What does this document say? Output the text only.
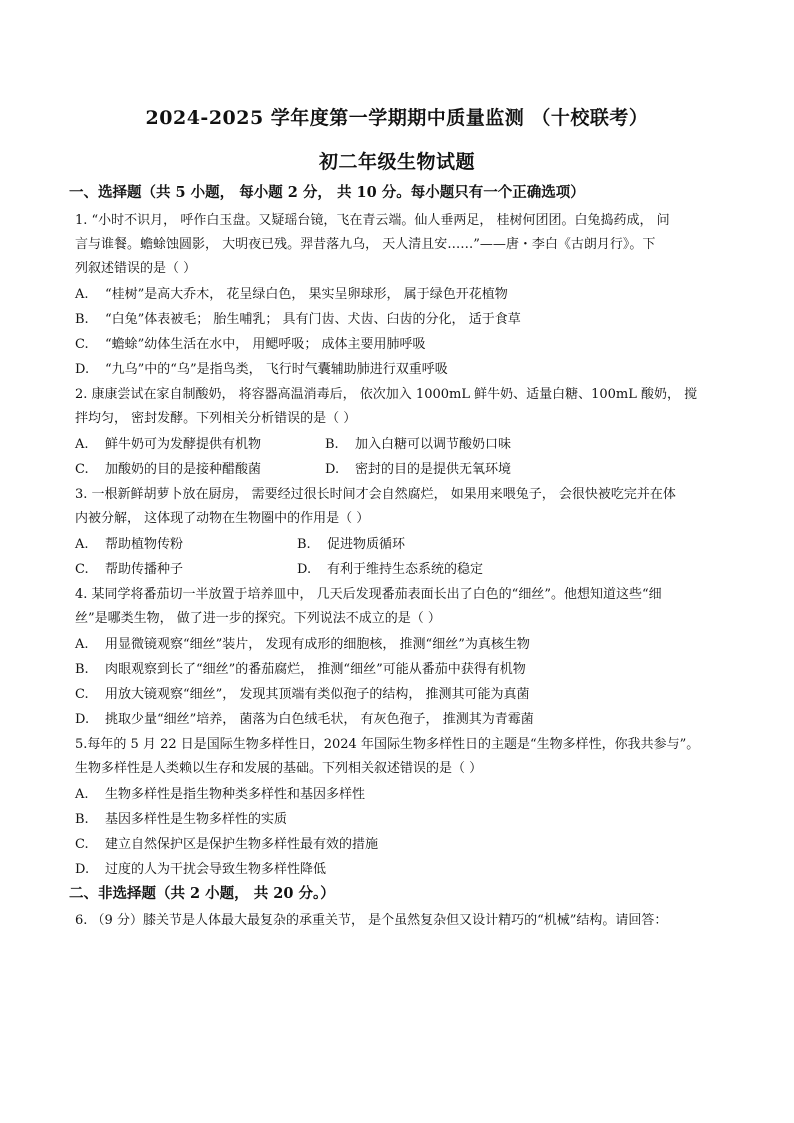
2024-2025 学年度第一学期期中质量监测 （十校联考）
初二年级生物试题
一、选择题（共 5 小题， 每小题 2 分， 共 10 分。每小题只有一个正确选项）
1. “小时不识月， 呼作白玉盘。又疑瑶台镜，飞在青云端。仙人垂两足， 桂树何团团。白兔捣药成， 问
言与谁餐。蟾蜍蚀圆影， 大明夜已残。羿昔落九乌， 天人清且安……”——唐・李白《古朗月行》。下
列叙述错误的是（ ）
A. “桂树”是高大乔木， 花呈绿白色， 果实呈卵球形， 属于绿色开花植物
B. “白兔”体表被毛； 胎生哺乳； 具有门齿、犬齿、臼齿的分化， 适于食草
C. “蟾蜍”幼体生活在水中， 用鳃呼吸； 成体主要用肺呼吸
D. “九乌”中的“乌”是指鸟类， 飞行时气囊辅助肺进行双重呼吸
2. 康康尝试在家自制酸奶， 将容器高温消毒后， 依次加入 1000mL 鲜牛奶、适量白糖、100mL 酸奶， 搅
拌均匀， 密封发酵。下列相关分析错误的是（ ）
A. 鲜牛奶可为发酵提供有机物	B. 加入白糖可以调节酸奶口味
C. 加酸奶的目的是接种醋酸菌	D. 密封的目的是提供无氧环境
3. 一根新鲜胡萝卜放在厨房， 需要经过很长时间才会自然腐烂， 如果用来喂兔子， 会很快被吃完并在体
内被分解， 这体现了动物在生物圈中的作用是（ ）
A. 帮助植物传粉	B. 促进物质循环
C. 帮助传播种子	D. 有利于维持生态系统的稳定
4. 某同学将番茄切一半放置于培养皿中， 几天后发现番茄表面长出了白色的“细丝”。他想知道这些“细
丝”是哪类生物， 做了进一步的探究。下列说法不成立的是（ ）
A. 用显微镜观察“细丝”装片， 发现有成形的细胞核， 推测“细丝”为真核生物
B. 肉眼观察到长了“细丝”的番茄腐烂， 推测“细丝”可能从番茄中获得有机物
C. 用放大镜观察“细丝”， 发现其顶端有类似孢子的结构， 推测其可能为真菌
D. 挑取少量“细丝”培养， 菌落为白色绒毛状， 有灰色孢子， 推测其为青霉菌
5.每年的 5 月 22 日是国际生物多样性日，2024 年国际生物多样性日的主题是“生物多样性，你我共参与”。
生物多样性是人类赖以生存和发展的基础。下列相关叙述错误的是（ ）
A. 生物多样性是指生物种类多样性和基因多样性
B. 基因多样性是生物多样性的实质
C. 建立自然保护区是保护生物多样性最有效的措施
D. 过度的人为干扰会导致生物多样性降低
二、非选择题（共 2 小题， 共 20 分。）
6. （9 分）膝关节是人体最大最复杂的承重关节， 是个虽然复杂但又设计精巧的“机械”结构。请回答：
